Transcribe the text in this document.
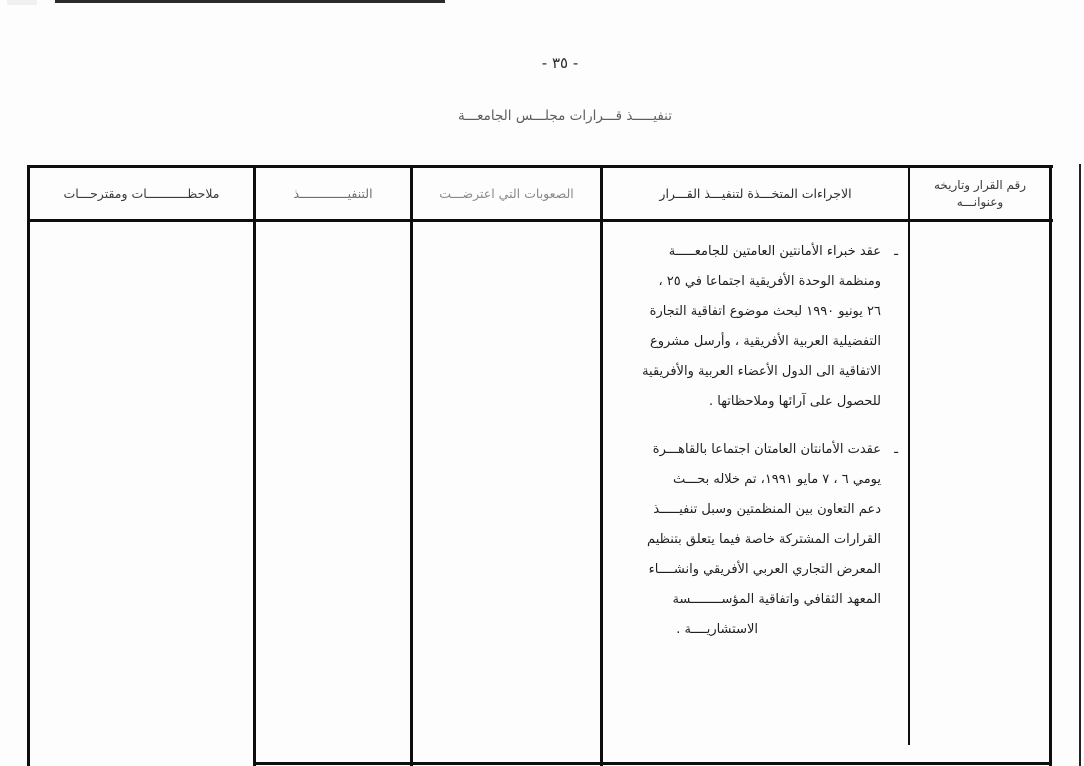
- ٣٥ -
تنفيـــــذ قـــرارات مجلـــس الجامعـــة
رقم القرار وتاريخه
وعنوانـــه
الاجراءات المتخـــذة لتنفيـــذ القـــرار
الصعوبات التي اعترضـــت
التنفيـــــــــــــذ
ملاحظـــــــــــات ومقترحـــات
ـ
عقد خبراء الأمانتين العامتين للجامعـــــة
ومنظمة الوحدة الأفريقية اجتماعا في ٢٥ ،
٢٦ يونيو ١٩٩٠ لبحث موضوع اتفاقية التجارة
التفضيلية العربية الأفريقية ، وأرسل مشروع
الاتفاقية الى الدول الأعضاء العربية والأفريقية
للحصول على آرائها وملاحظاتها .
ـ
عقدت الأمانتان العامتان اجتماعا بالقاهـــرة
يومي ٦ ، ٧ مايو ١٩٩١، تم خلاله بحـــث
دعم التعاون بين المنظمتين وسبل تنفيـــــذ
القرارات المشتركة خاصة فيما يتعلق بتنظيم
المعرض التجاري العربي الأفريقي وانشــــاء
المعهد الثقافي واتفاقية المؤســــــــسة
الاستشاريــــة .
